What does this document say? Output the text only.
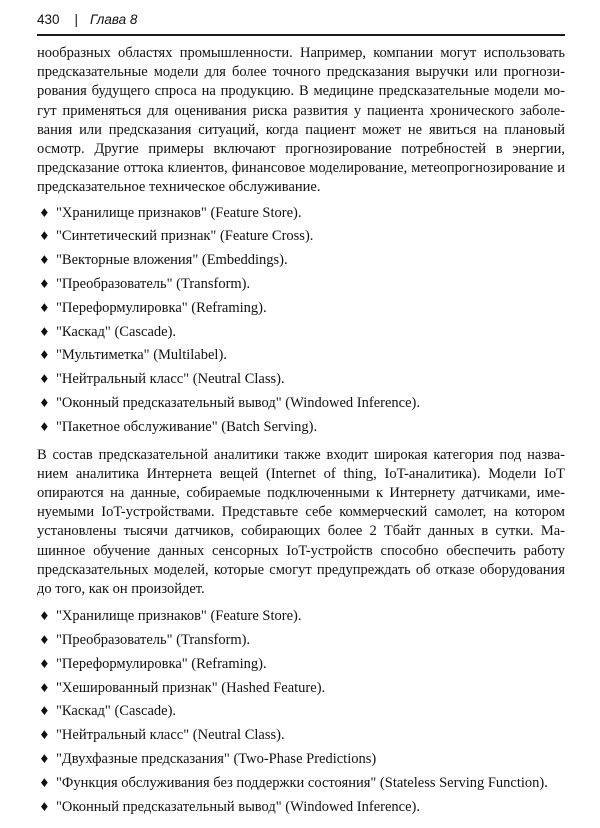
430 | Глава 8

нообразных областях промышленности. Например, компании могут использовать предсказательные модели для более точного предсказания выручки или прогнозирования будущего спроса на продукцию. В медицине предсказательные модели могут применяться для оценивания риска развития у пациента хронического заболевания или предсказания ситуаций, когда пациент может не явиться на плановый осмотр. Другие примеры включают прогнозирование потребностей в энергии, предсказание оттока клиентов, финансовое моделирование, метеопрогнозирование и предсказательное техническое обслуживание.

♦ "Хранилище признаков" (Feature Store).
♦ "Синтетический признак" (Feature Cross).
♦ "Векторные вложения" (Embeddings).
♦ "Преобразователь" (Transform).
♦ "Переформулировка" (Reframing).
♦ "Каскад" (Cascade).
♦ "Мультиметка" (Multilabel).
♦ "Нейтральный класс" (Neutral Class).
♦ "Оконный предсказательный вывод" (Windowed Inference).
♦ "Пакетное обслуживание" (Batch Serving).

В состав предсказательной аналитики также входит широкая категория под названием аналитика Интернета вещей (Internet of thing, IoT-аналитика). Модели IoT опираются на данные, собираемые подключенными к Интернету датчиками, именуемыми IoT-устройствами. Представьте себе коммерческий самолет, на котором установлены тысячи датчиков, собирающих более 2 Тбайт данных в сутки. Машинное обучение данных сенсорных IoT-устройств способно обеспечить работу предсказательных моделей, которые смогут предупреждать об отказе оборудования до того, как он произойдет.

♦ "Хранилище признаков" (Feature Store).
♦ "Преобразователь" (Transform).
♦ "Переформулировка" (Reframing).
♦ "Хешированный признак" (Hashed Feature).
♦ "Каскад" (Cascade).
♦ "Нейтральный класс" (Neutral Class).
♦ "Двухфазные предсказания" (Two-Phase Predictions)
♦ "Функция обслуживания без поддержки состояния" (Stateless Serving Function).
♦ "Оконный предсказательный вывод" (Windowed Inference).
